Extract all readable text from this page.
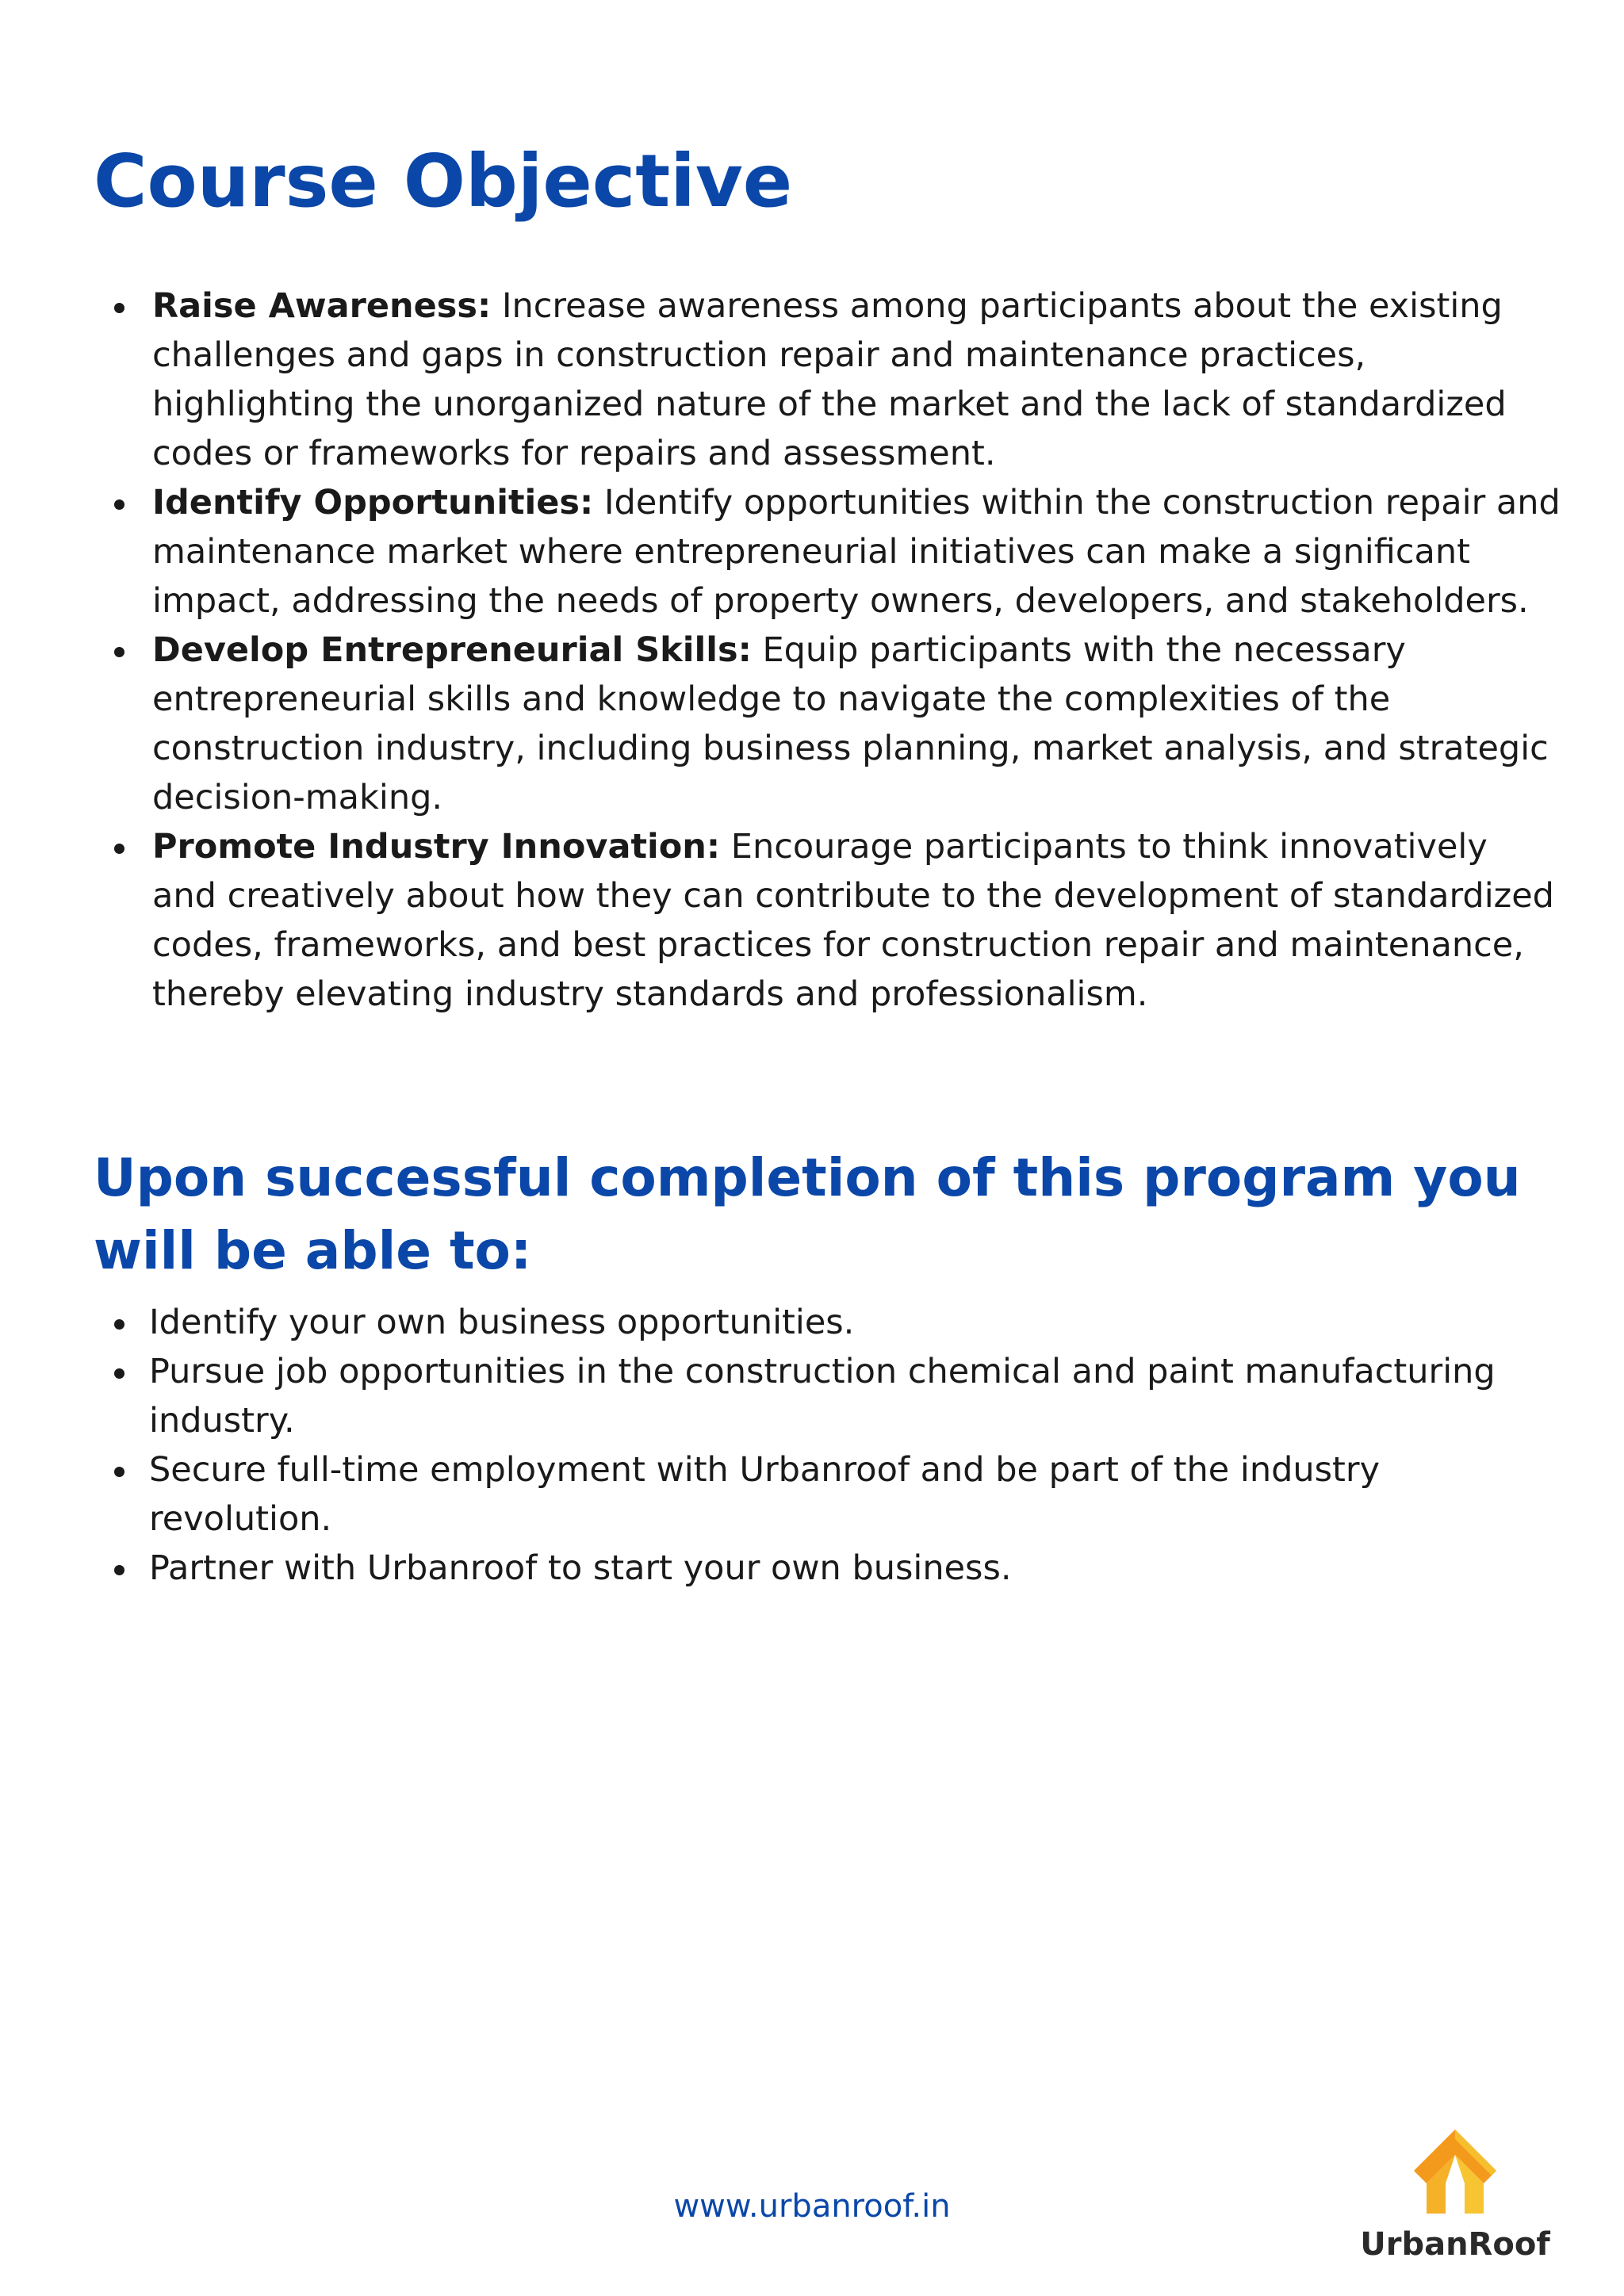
Course Objective
Raise Awareness: Increase awareness among participants about the existing challenges and gaps in construction repair and maintenance practices, highlighting the unorganized nature of the market and the lack of standardized codes or frameworks for repairs and assessment.
Identify Opportunities: Identify opportunities within the construction repair and maintenance market where entrepreneurial initiatives can make a significant impact, addressing the needs of property owners, developers, and stakeholders.
Develop Entrepreneurial Skills: Equip participants with the necessary entrepreneurial skills and knowledge to navigate the complexities of the construction industry, including business planning, market analysis, and strategic decision-making.
Promote Industry Innovation: Encourage participants to think innovatively and creatively about how they can contribute to the development of standardized codes, frameworks, and best practices for construction repair and maintenance, thereby elevating industry standards and professionalism.
Upon successful completion of this program you will be able to:
Identify your own business opportunities.
Pursue job opportunities in the construction chemical and paint manufacturing industry.
Secure full-time employment with Urbanroof and be part of the industry revolution.
Partner with Urbanroof to start your own business.
www.urbanroof.in

UrbanRoof
